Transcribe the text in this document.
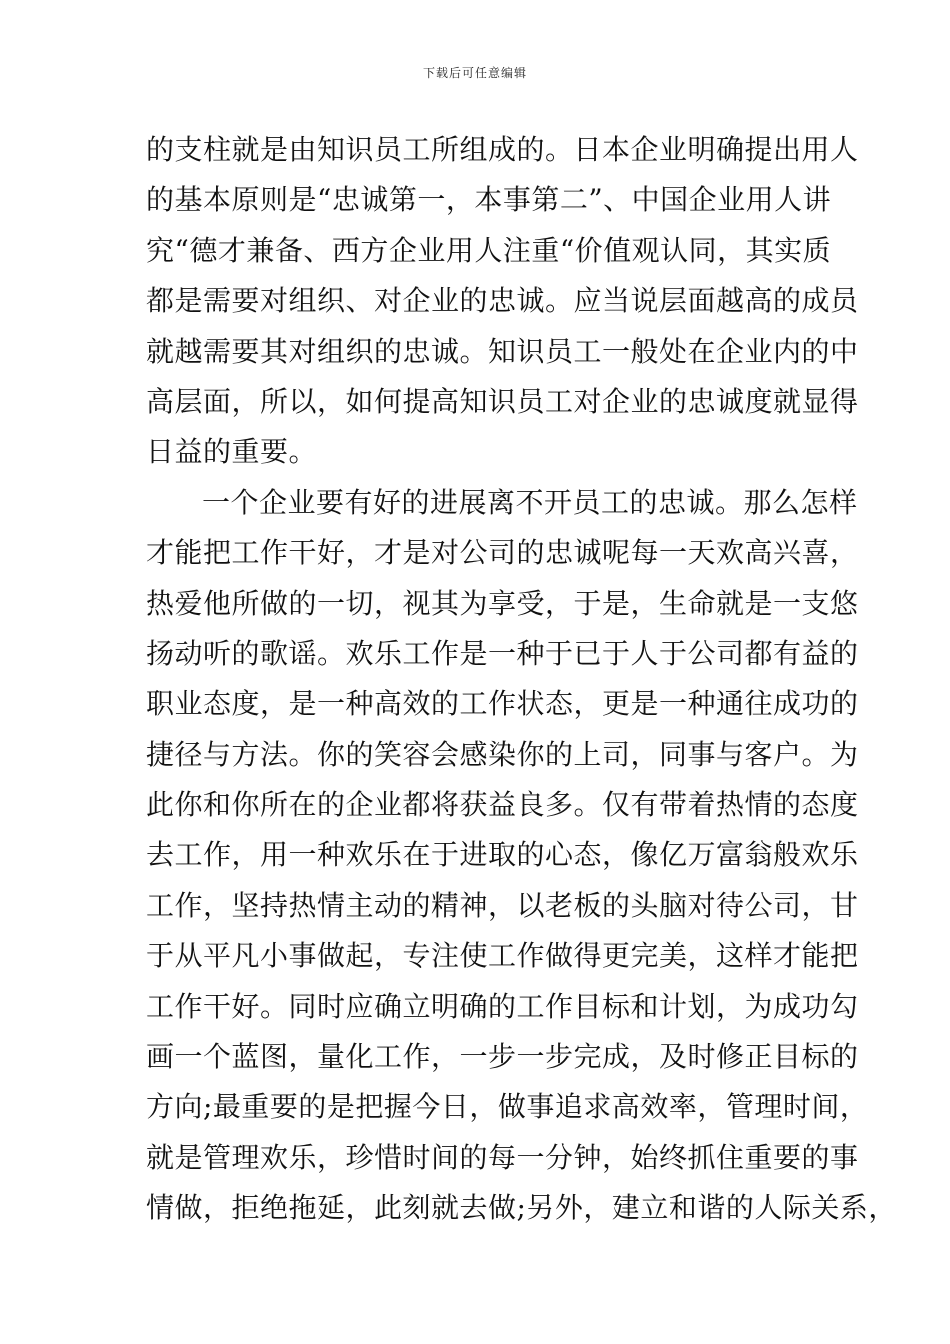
下载后可任意编辑
的支柱就是由知识员工所组成的。日本企业明确提出用人
的基本原则是“忠诚第一，本事第二”、中国企业用人讲
究“德才兼备、西方企业用人注重“价值观认同，其实质
都是需要对组织、对企业的忠诚。应当说层面越高的成员
就越需要其对组织的忠诚。知识员工一般处在企业内的中
高层面，所以，如何提高知识员工对企业的忠诚度就显得
日益的重要。
一个企业要有好的进展离不开员工的忠诚。那么怎样
才能把工作干好，才是对公司的忠诚呢每一天欢高兴喜，
热爱他所做的一切，视其为享受，于是，生命就是一支悠
扬动听的歌谣。欢乐工作是一种于已于人于公司都有益的
职业态度，是一种高效的工作状态，更是一种通往成功的
捷径与方法。你的笑容会感染你的上司，同事与客户。为
此你和你所在的企业都将获益良多。仅有带着热情的态度
去工作，用一种欢乐在于进取的心态，像亿万富翁般欢乐
工作，坚持热情主动的精神，以老板的头脑对待公司，甘
于从平凡小事做起，专注使工作做得更完美，这样才能把
工作干好。同时应确立明确的工作目标和计划，为成功勾
画一个蓝图，量化工作，一步一步完成，及时修正目标的
方向;最重要的是把握今日，做事追求高效率，管理时间，
就是管理欢乐，珍惜时间的每一分钟，始终抓住重要的事
情做，拒绝拖延，此刻就去做;另外，建立和谐的人际关系，
